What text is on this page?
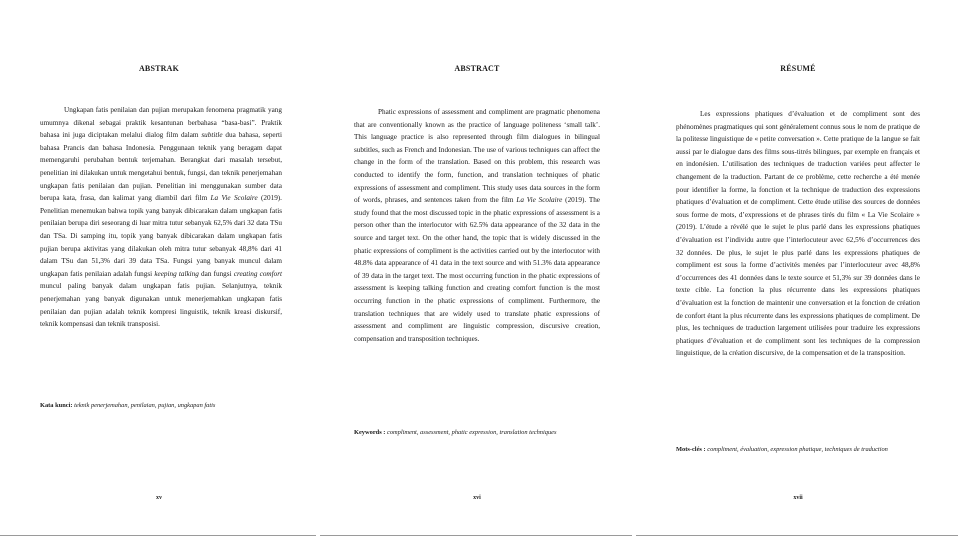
ABSTRAK
Ungkapan fatis penilaian dan pujian merupakan fenomena pragmatik yang umumnya dikenal sebagai praktik kesantunan berbahasa “basa-basi”. Praktik bahasa ini juga diciptakan melalui dialog film dalam subtitle dua bahasa, seperti bahasa Prancis dan bahasa Indonesia. Penggunaan teknik yang beragam dapat memengaruhi perubahan bentuk terjemahan. Berangkat dari masalah tersebut, penelitian ini dilakukan untuk mengetahui bentuk, fungsi, dan teknik penerjemahan ungkapan fatis penilaian dan pujian. Penelitian ini menggunakan sumber data berupa kata, frasa, dan kalimat yang diambil dari film La Vie Scolaire (2019). Penelitian menemukan bahwa topik yang banyak dibicarakan dalam ungkapan fatis penilaian berupa diri seseorang di luar mitra tutur sebanyak 62,5% dari 32 data TSu dan TSa. Di samping itu, topik yang banyak dibicarakan dalam ungkapan fatis pujian berupa aktivitas yang dilakukan oleh mitra tutur sebanyak 48,8% dari 41 dalam TSu dan 51,3% dari 39 data TSa. Fungsi yang banyak muncul dalam ungkapan fatis penilaian adalah fungsi keeping talking dan fungsi creating comfort muncul paling banyak dalam ungkapan fatis pujian. Selanjutnya, teknik penerjemahan yang banyak digunakan untuk menerjemahkan ungkapan fatis penilaian dan pujian adalah teknik kompresi linguistik, teknik kreasi diskursif, teknik kompensasi dan teknik transposisi.
Kata kunci: teknik penerjemahan, penilaian, pujian, ungkapan fatis
xv
ABSTRACT
Phatic expressions of assessment and compliment are pragmatic phenomena that are conventionally known as the practice of language politeness ‘small talk’. This language practice is also represented through film dialogues in bilingual subtitles, such as French and Indonesian. The use of various techniques can affect the change in the form of the translation. Based on this problem, this research was conducted to identify the form, function, and translation techniques of phatic expressions of assessment and compliment. This study uses data sources in the form of words, phrases, and sentences taken from the film La Vie Scolaire (2019). The study found that the most discussed topic in the phatic expressions of assessment is a person other than the interlocutor with 62.5% data appearance of the 32 data in the source and target text. On the other hand, the topic that is widely discussed in the phatic expressions of compliment is the activities carried out by the interlocutor with 48.8% data appearance of 41 data in the text source and with 51.3% data appearance of 39 data in the target text. The most occurring function in the phatic expressions of assessment is keeping talking function and creating comfort function is the most occurring function in the phatic expressions of compliment. Furthermore, the translation techniques that are widely used to translate phatic expressions of assessment and compliment are linguistic compression, discursive creation, compensation and transposition techniques.
Keywords : compliment, assessment, phatic expression, translation techniques
xvi
RÉSUMÉ
Les expressions phatiques d’évaluation et de compliment sont des phénomènes pragmatiques qui sont généralement connus sous le nom de pratique de la politesse linguistique de « petite conversation ». Cette pratique de la langue se fait aussi par le dialogue dans des films sous-titrés bilingues, par exemple en français et en indonésien. L’utilisation des techniques de traduction variées peut affecter le changement de la traduction. Partant de ce problème, cette recherche a été menée pour identifier la forme, la fonction et la technique de traduction des expressions phatiques d’évaluation et de compliment. Cette étude utilise des sources de données sous forme de mots, d’expressions et de phrases tirés du film « La Vie Scolaire » (2019). L’étude a révélé que le sujet le plus parlé dans les expressions phatiques d’évaluation est l’individu autre que l’interlocuteur avec 62,5% d’occurrences des 32 données. De plus, le sujet le plus parlé dans les expressions phatiques de compliment est sous la forme d’activités menées par l’interlocuteur avec 48,8% d’occurrences des 41 données dans le texte source et 51,3% sur 39 données dans le texte cible. La fonction la plus récurrente dans les expressions phatiques d’évaluation est la fonction de maintenir une conversation et la fonction de création de confort étant la plus récurrente dans les expressions phatiques de compliment. De plus, les techniques de traduction largement utilisées pour traduire les expressions phatiques d’évaluation et de compliment sont les techniques de la compression linguistique, de la création discursive, de la compensation et de la transposition.
Mots-clés : compliment, évaluation, expression phatique, techniques de traduction
xvii
